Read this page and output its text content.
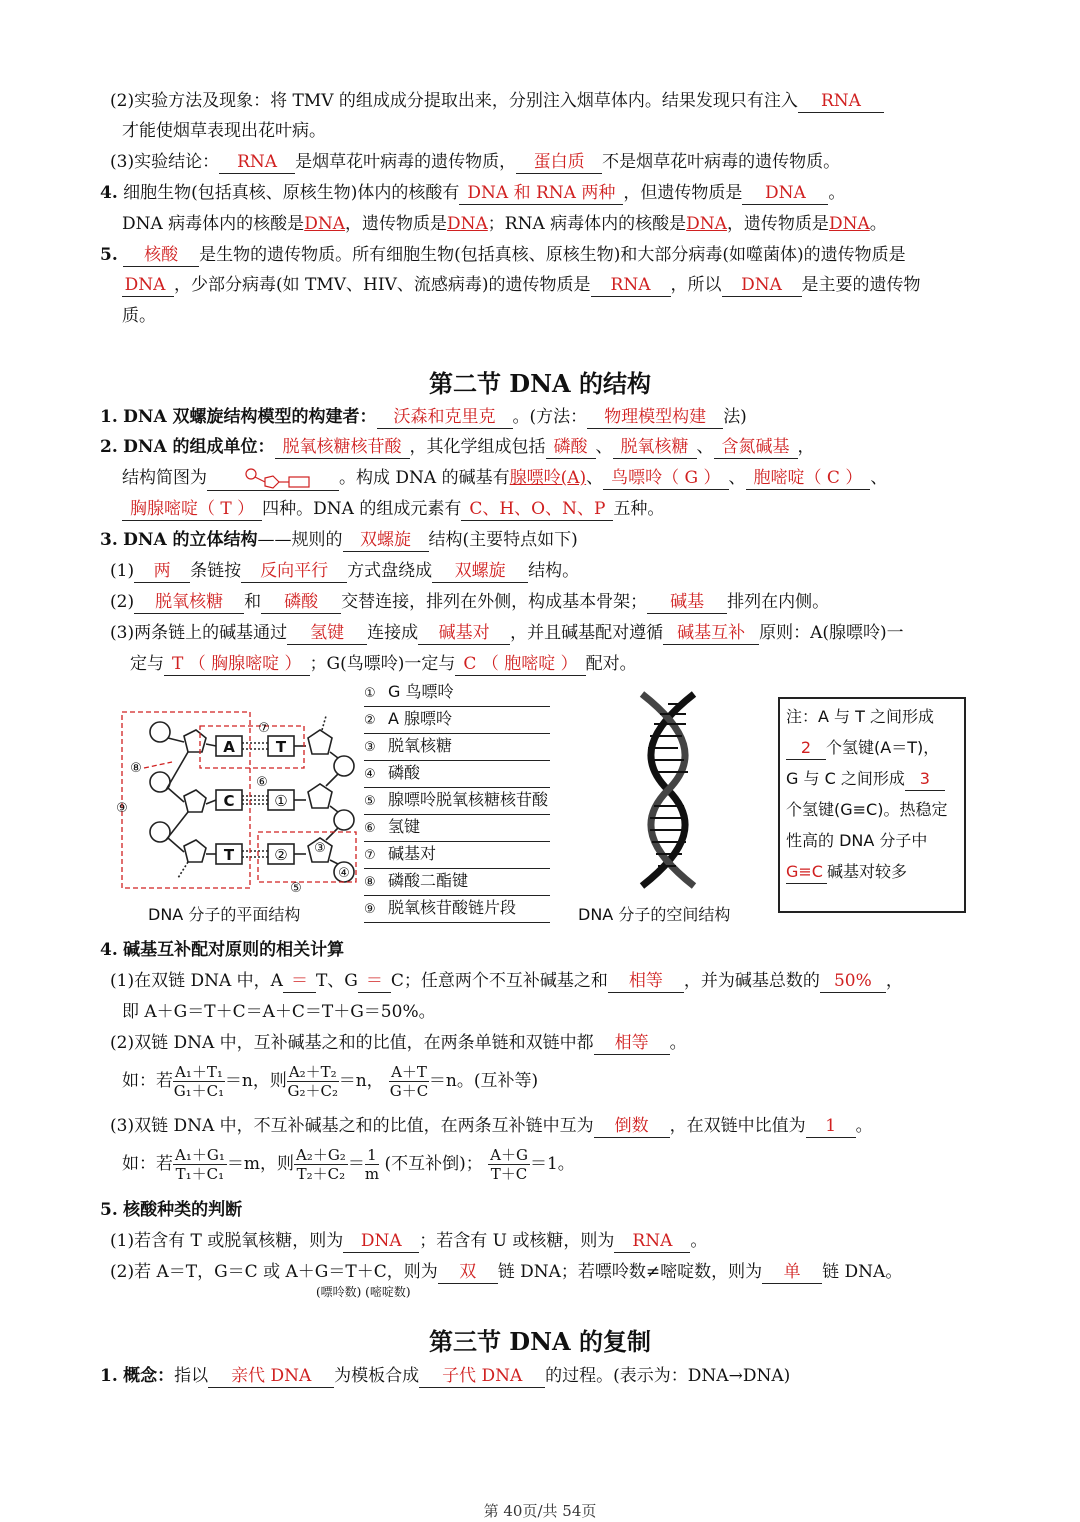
(2)实验方法及现象：将 TMV 的组成成分提取出来，分别注入烟草体内。结果发现只有注入 RNA
才能使烟草表现出花叶病。
(3)实验结论： RNA 是烟草花叶病毒的遗传物质， 蛋白质 不是烟草花叶病毒的遗传物质。
4. 细胞生物(包括真核、原核生物)体内的核酸有 DNA 和 RNA 两种 ，但遗传物质是 DNA 。
DNA 病毒体内的核酸是DNA，遗传物质是DNA；RNA 病毒体内的核酸是DNA，遗传物质是DNA。
5. 核酸 是生物的遗传物质。所有细胞生物(包括真核、原核生物)和大部分病毒(如噬菌体)的遗传物质是
DNA ，少部分病毒(如 TMV、HIV、流感病毒)的遗传物质是 RNA ，所以 DNA 是主要的遗传物
质。
第二节 DNA 的结构
1. DNA 双螺旋结构模型的构建者： 沃森和克里克 。(方法： 物理模型构建 法)
2. DNA 的组成单位： 脱氧核糖核苷酸 ，其化学组成包括 磷酸 、 脱氧核糖 、 含氮碱基 ，
结构简图为	。构成 DNA 的碱基有腺嘌呤(A)、 鸟嘌呤（ G ） 、 胞嘧啶（ C ） 、
胸腺嘧啶（ T ） 四种。DNA 的组成元素有 C、H、O、N、P 五种。
3. DNA 的立体结构——规则的 双螺旋 结构(主要特点如下)
(1) 两 条链按 反向平行 方式盘绕成 双螺旋 结构。
(2) 脱氧核糖 和 磷酸 交替连接，排列在外侧，构成基本骨架； 碱基 排列在内侧。
(3)两条链上的碱基通过 氢键 连接成 碱基对 ，并且碱基配对遵循 碱基互补 原则：A(腺嘌呤)一
定与 T （ 胸腺嘧啶 ） ；G(鸟嘌呤)一定与 C （ 胞嘧啶 ） 配对。
A	T
C	①
T	② ③
④
⑤
⑥
⑦
⑧
⑨
DNA 分子的平面结构
① G 鸟嘌呤
② A 腺嘌呤
③ 脱氧核糖
④ 磷酸
⑤ 腺嘌呤脱氧核糖核苷酸
⑥ 氢键
⑦ 碱基对
⑧ 磷酸二酯键
⑨ 脱氧核苷酸链片段	DNA 分子的空间结构
注：A 与 T 之间形成
2 个氢键(A＝T)，
G 与 C 之间形成 3
个氢键(G≡C)。热稳定
性高的 DNA 分子中
G≡C 碱基对较多
4. 碱基互补配对原则的相关计算
(1)在双链 DNA 中，A ＝ T、G ＝ C；任意两个不互补碱基之和 相等 ，并为碱基总数的 50% ，
即 A＋G＝T＋C＝A＋C＝T＋G＝50%。
(2)双链 DNA 中，互补碱基之和的比值，在两条单链和双链中都 相等 。
如：若 $\frac{\text{A₁＋T₁}}{\text{G₁＋C₁}} =n$，则 $\frac{\text{A₂＋T₂}}{\text{G₂＋C₂}} =n$， $\frac{A+T}{G+C} =n$。(互补等)
(3)双链 DNA 中，不互补碱基之和的比值，在两条互补链中互为 倒数 ，在双链中比值为 1 。
如：若 $\frac{\text{A₁＋G₁}}{\text{T₁＋C₁}} =m$，则 $\frac{\text{A₂＋G₂}}{\text{T₂＋C₂}} = \frac{1}{m}$ (不互补倒)； $\frac{A+G}{T+C} =1$。
5. 核酸种类的判断
(1)若含有 T 或脱氧核糖，则为 DNA ；若含有 U 或核糖，则为 RNA 。
(2)若 A＝T，G＝C 或 A＋G＝T＋C，则为 双 链 DNA；若嘌呤数≠嘧啶数，则为 单 链 DNA。
(嘌呤数) (嘧啶数)
第三节 DNA 的复制
1. 概念：指以 亲代 DNA 为模板合成 子代 DNA 的过程。(表示为：DNA→DNA)
第 40页/共 54页
